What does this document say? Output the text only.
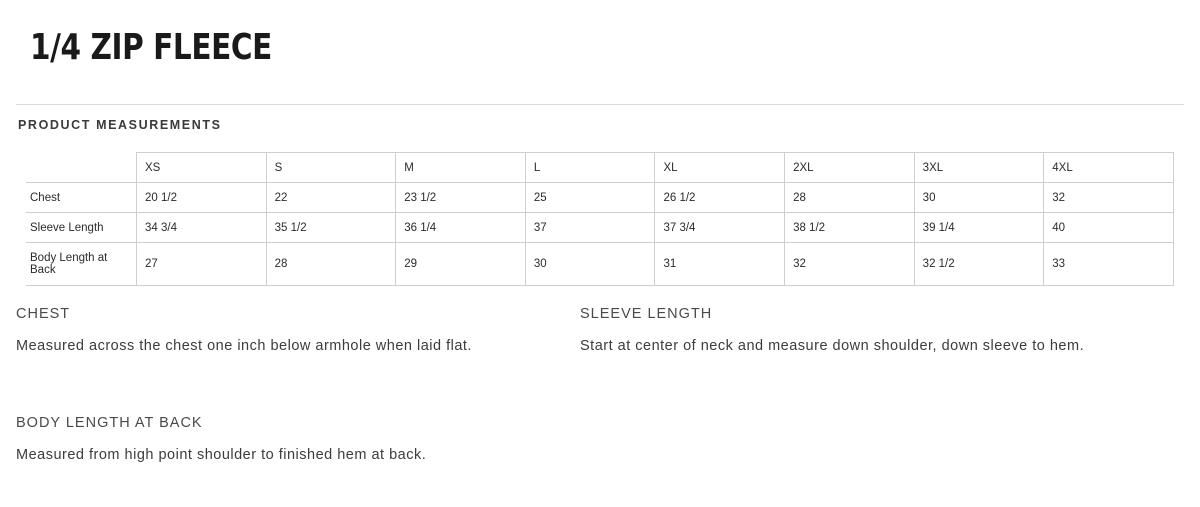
1/4 ZIP FLEECE
PRODUCT MEASUREMENTS
	XS	S	M	L	XL	2XL	3XL	4XL
Chest	20 1/2	22	23 1/2	25	26 1/2	28	30	32
Sleeve Length	34 3/4	35 1/2	36 1/4	37	37 3/4	38 1/2	39 1/4	40
Body Length at Back	27	28	29	30	31	32	32 1/2	33
CHEST
Measured across the chest one inch below armhole when laid flat.
SLEEVE LENGTH
Start at center of neck and measure down shoulder, down sleeve to hem.
BODY LENGTH AT BACK
Measured from high point shoulder to finished hem at back.
